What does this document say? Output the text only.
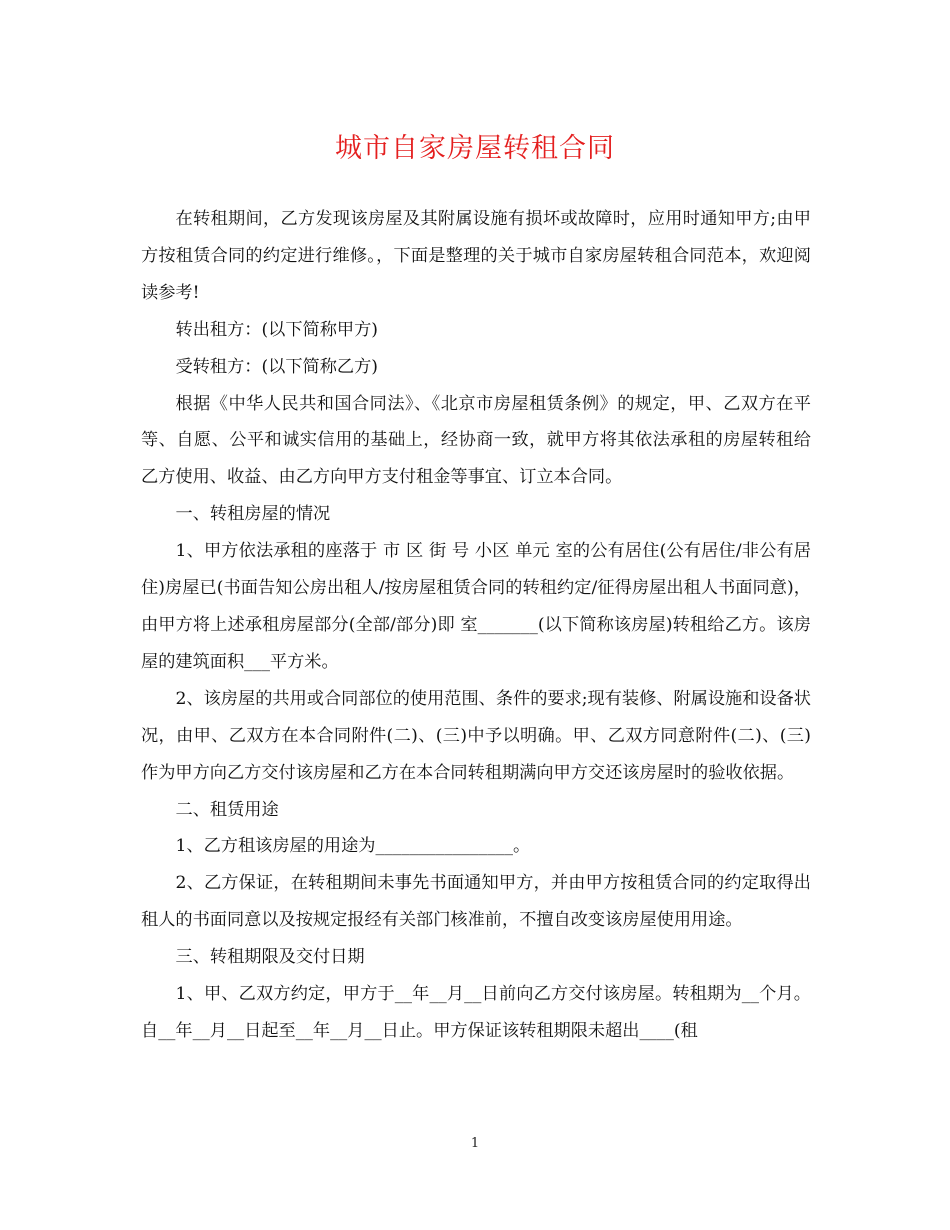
城市自家房屋转租合同

在转租期间，乙方发现该房屋及其附属设施有损坏或故障时，应用时通知甲方;由甲方按租赁合同的约定进行维修。，下面是整理的关于城市自家房屋转租合同范本，欢迎阅读参考!

转出租方：(以下简称甲方)

受转租方：(以下简称乙方)

根据《中华人民共和国合同法》、《北京市房屋租赁条例》的规定，甲、乙双方在平等、自愿、公平和诚实信用的基础上，经协商一致，就甲方将其依法承租的房屋转租给乙方使用、收益、由乙方向甲方支付租金等事宜、订立本合同。

一、转租房屋的情况

1、甲方依法承租的座落于 市 区 街 号 小区 单元 室的公有居住(公有居住/非公有居住)房屋已(书面告知公房出租人/按房屋租赁合同的转租约定/征得房屋出租人书面同意)，由甲方将上述承租房屋部分(全部/部分)即 室_______(以下简称该房屋)转租给乙方。该房屋的建筑面积___平方米。

2、该房屋的共用或合同部位的使用范围、条件的要求;现有装修、附属设施和设备状况，由甲、乙双方在本合同附件(二)、(三)中予以明确。甲、乙双方同意附件(二)、(三)作为甲方向乙方交付该房屋和乙方在本合同转租期满向甲方交还该房屋时的验收依据。

二、租赁用途

1、乙方租该房屋的用途为________________。

2、乙方保证，在转租期间未事先书面通知甲方，并由甲方按租赁合同的约定取得出租人的书面同意以及按规定报经有关部门核准前，不擅自改变该房屋使用用途。

三、转租期限及交付日期

1、甲、乙双方约定，甲方于__年__月__日前向乙方交付该房屋。转租期为__个月。自__年__月__日起至__年__月__日止。甲方保证该转租期限未超出____(租

1
